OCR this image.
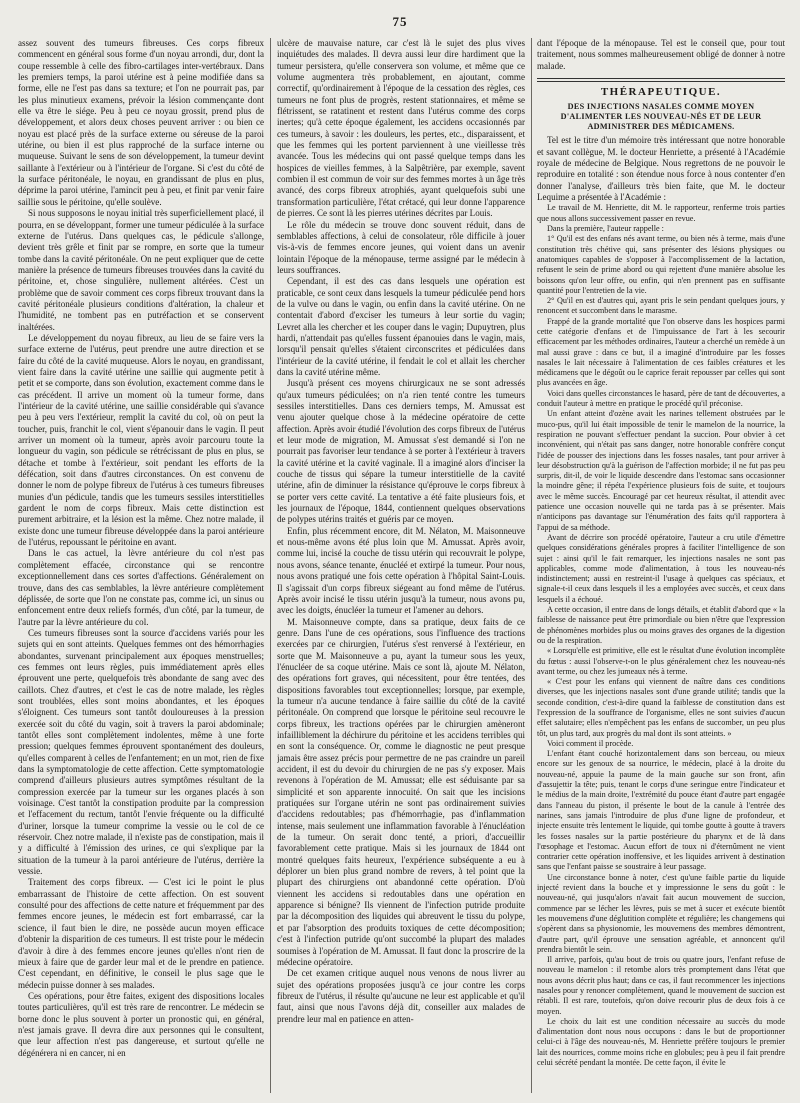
75

assez souvent des tumeurs fibreuses. Ces corps fibreux commencent en général sous forme d'un noyau arrondi, dur, dont la coupe ressemble à celle des fibro-cartilages inter-vertébraux. Dans les premiers temps, la paroi utérine est à peine modifiée dans sa forme, elle ne l'est pas dans sa texture; et l'on ne pourrait pas, par les plus minutieux examens, prévoir la lésion commençante dont elle va être le siége. Peu à peu ce noyau grossit, prend plus de développement, et alors deux choses peuvent arriver : ou bien ce noyau est placé près de la surface externe ou séreuse de la paroi utérine, ou bien il est plus rapproché de la surface interne ou muqueuse. Suivant le sens de son développement, la tumeur devint saillante à l'extérieur ou à l'intérieur de l'organe. Si c'est du côté de la surface péritonéale, le noyau, en grandissant de plus en plus, déprime la paroi utérine, l'amincit peu à peu, et finit par venir faire saillie sous le péritoine, qu'elle soulève.

Si nous supposons le noyau initial très superficiellement placé, il pourra, en se développant, former une tumeur pédiculée à la surface externe de l'utérus. Dans quelques cas, le pédicule s'allonge, devient très grêle et finit par se rompre, en sorte que la tumeur tombe dans la cavité péritonéale. On ne peut expliquer que de cette manière la présence de tumeurs fibreuses trouvées dans la cavité du péritoine, et, chose singulière, nullement altérées. C'est un problème que de savoir comment ces corps fibreux trouvant dans la cavité péritonéale plusieurs conditions d'altération, la chaleur et l'humidité, ne tombent pas en putréfaction et se conservent inaltérées.

Le développement du noyau fibreux, au lieu de se faire vers la surface externe de l'utérus, peut prendre une autre direction et se faire du côté de la cavité muqueuse. Alors le noyau, en grandissant, vient faire dans la cavité utérine une saillie qui augmente petit à petit et se comporte, dans son évolution, exactement comme dans le cas précédent. Il arrive un moment où la tumeur forme, dans l'intérieur de la cavité utérine, une saillie considérable qui s'avance peu à peu vers l'extérieur, remplit la cavité du col, où on peut la toucher, puis, franchit le col, vient s'épanouir dans le vagin. Il peut arriver un moment où la tumeur, après avoir parcouru toute la longueur du vagin, son pédicule se rétrécissant de plus en plus, se détache et tombe à l'extérieur, soit pendant les efforts de la défécation, soit dans d'autres circonstances. On est convenu de donner le nom de polype fibreux de l'utérus à ces tumeurs fibreuses munies d'un pédicule, tandis que les tumeurs sessiles interstitielles gardent le nom de corps fibreux. Mais cette distinction est purement arbitraire, et la lésion est la même. Chez notre malade, il existe donc une tumeur fibreuse développée dans la paroi antérieure de l'utérus, repoussant le péritoine en avant.

Dans le cas actuel, la lèvre antérieure du col n'est pas complètement effacée, circonstance qui se rencontre exceptionnellement dans ces sortes d'affections. Généralement on trouve, dans des cas semblables, la lèvre antérieure complètement déplissée, de sorte que l'on ne constate pas, comme ici, un sinus ou enfoncement entre deux reliefs formés, d'un côté, par la tumeur, de l'autre par la lèvre antérieure du col.

Ces tumeurs fibreuses sont la source d'accidens variés pour les sujets qui en sont atteints. Quelques femmes ont des hémorrhagies abondantes, survenant principalement aux époques menstruelles; ces femmes ont leurs règles, puis immédiatement après elles éprouvent une perte, quelquefois très abondante de sang avec des caillots. Chez d'autres, et c'est le cas de notre malade, les règles sont troublées, elles sont moins abondantes, et les époques s'éloignent. Ces tumeurs sont tantôt douloureuses à la pression exercée soit du côté du vagin, soit à travers la paroi abdominale; tantôt elles sont complètement indolentes, même à une forte pression; quelques femmes éprouvent spontanément des douleurs, qu'elles comparent à celles de l'enfantement; en un mot, rien de fixe dans la symptomatologie de cette affection. Cette symptomatologie comprend d'ailleurs plusieurs autres symptômes résultant de la compression exercée par la tumeur sur les organes placés à son voisinage. C'est tantôt la constipation produite par la compression et l'effacement du rectum, tantôt l'envie fréquente ou la difficulté d'uriner, lorsque la tumeur comprime la vessie ou le col de ce réservoir. Chez notre malade, il n'existe pas de constipation, mais il y a difficulté à l'émission des urines, ce qui s'explique par la situation de la tumeur à la paroi antérieure de l'utérus, derrière la vessie.

Traitement des corps fibreux. — C'est ici le point le plus embarrassant de l'histoire de cette affection. On est souvent consulté pour des affections de cette nature et fréquemment par des femmes encore jeunes, le médecin est fort embarrassé, car la science, il faut bien le dire, ne possède aucun moyen efficace d'obtenir la disparition de ces tumeurs. Il est triste pour le médecin d'avoir à dire à des femmes encore jeunes qu'elles n'ont rien de mieux à faire que de garder leur mal et de le prendre en patience. C'est cependant, en définitive, le conseil le plus sage que le médecin puisse donner à ses malades.

Ces opérations, pour être faites, exigent des dispositions locales toutes particulières, qu'il est très rare de rencontrer. Le médecin se borne donc le plus souvent à porter un pronostic qui, en général, n'est jamais grave. Il devra dire aux personnes qui le consultent, que leur affection n'est pas dangereuse, et surtout qu'elle ne dégénérera ni en cancer, ni en

ulcère de mauvaise nature, car c'est là le sujet des plus vives inquiétudes des malades. Il devra aussi leur dire hardiment que la tumeur persistera, qu'elle conservera son volume, et même que ce volume augmentera très probablement, en ajoutant, comme correctif, qu'ordinairement à l'époque de la cessation des règles, ces tumeurs ne font plus de progrès, restent stationnaires, et même se flétrissent, se ratatinent et restent dans l'utérus comme des corps inertes; qu'à cette époque également, les accidens occasionnés par ces tumeurs, à savoir : les douleurs, les pertes, etc., disparaissent, et que les femmes qui les portent parviennent à une vieillesse très avancée. Tous les médecins qui ont passé quelque temps dans les hospices de vieilles femmes, à la Salpêtrière, par exemple, savent combien il est commun de voir sur des femmes mortes à un âge très avancé, des corps fibreux atrophiés, ayant quelquefois subi une transformation particulière, l'état crétacé, qui leur donne l'apparence de pierres. Ce sont là les pierres utérines décrites par Louis.

Le rôle du médecin se trouve donc souvent réduit, dans de semblables affections, à celui de consolateur, rôle difficile à jouer vis-à-vis de femmes encore jeunes, qui voient dans un avenir lointain l'époque de la ménopause, terme assigné par le médecin à leurs souffrances.

Cependant, il est des cas dans lesquels une opération est praticable, ce sont ceux dans lesquels la tumeur pédiculée pend hors de la vulve ou dans le vagin, ou enfin dans la cavité utérine. On ne contentait d'abord d'exciser les tumeurs à leur sortie du vagin; Levret alla les chercher et les couper dans le vagin; Dupuytren, plus hardi, n'attendait pas qu'elles fussent épanouies dans le vagin, mais, lorsqu'il pensait qu'elles s'étaient circonscrites et pédiculées dans l'intérieur de la cavité utérine, il fendait le col et allait les chercher dans la cavité utérine même.

Jusqu'à présent ces moyens chirurgicaux ne se sont adressés qu'aux tumeurs pédiculées; on n'a rien tenté contre les tumeurs sessiles interstitielles. Dans ces derniers temps, M. Amussat est venu ajouter quelque chose à la médecine opératoire de cette affection. Après avoir étudié l'évolution des corps fibreux de l'utérus et leur mode de migration, M. Amussat s'est demandé si l'on ne pourrait pas favoriser leur tendance à se porter à l'extérieur à travers la cavité utérine et la cavité vaginale. Il a imaginé alors d'inciser la couche de tissus qui sépare la tumeur interstitielle de la cavité utérine, afin de diminuer la résistance qu'éprouve le corps fibreux à se porter vers cette cavité. La tentative a été faite plusieurs fois, et les journaux de l'époque, 1844, contiennent quelques observations de polypes utérins traités et guéris par ce moyen.

Enfin, plus récemment encore, dit M. Nélaton, M. Maisonneuve et nous-même avons été plus loin que M. Amussat. Après avoir, comme lui, incisé la couche de tissu utérin qui recouvrait le polype, nous avons, séance tenante, énucléé et extirpé la tumeur. Pour nous, nous avons pratiqué une fois cette opération à l'hôpital Saint-Louis. Il s'agissait d'un corps fibreux siégeant au fond même de l'utérus. Après avoir incisé le tissu utérin jusqu'à la tumeur, nous avons pu, avec les doigts, énucléer la tumeur et l'amener au dehors.

M. Maisonneuve compte, dans sa pratique, deux faits de ce genre. Dans l'une de ces opérations, sous l'influence des tractions exercées par ce chirurgien, l'utérus s'est renversé à l'extérieur, en sorte que M. Maisonneuve a pu, ayant la tumeur sous les yeux, l'énucléer de sa coque utérine. Mais ce sont là, ajoute M. Nélaton, des opérations fort graves, qui nécessitent, pour être tentées, des dispositions favorables tout exceptionnelles; lorsque, par exemple, la tumeur n'a aucune tendance à faire saillie du côté de la cavité péritonéale. On comprend que lorsque le péritoine seul recouvre le corps fibreux, les tractions opérées par le chirurgien amèneront infailliblement la déchirure du péritoine et les accidens terribles qui en sont la conséquence. Or, comme le diagnostic ne peut presque jamais être assez précis pour permettre de ne pas craindre un pareil accident, il est du devoir du chirurgien de ne pas s'y exposer. Mais revenons à l'opération de M. Amussat; elle est séduisante par sa simplicité et son apparente innocuité. On sait que les incisions pratiquées sur l'organe utérin ne sont pas ordinairement suivies d'accidens redoutables; pas d'hémorrhagie, pas d'inflammation intense, mais seulement une inflammation favorable à l'énucléation de la tumeur. On serait donc tenté, a priori, d'accueillir favorablement cette pratique. Mais si les journaux de 1844 ont montré quelques faits heureux, l'expérience subséquente a eu à déplorer un bien plus grand nombre de revers, à tel point que la plupart des chirurgiens ont abandonné cette opération. D'où viennent les accidens si redoutables dans une opération en apparence si bénigne? Ils viennent de l'infection putride produite par la décomposition des liquides qui abreuvent le tissu du polype, et par l'absorption des produits toxiques de cette décomposition; c'est à l'infection putride qu'ont succombé la plupart des malades soumises à l'opération de M. Amussat. Il faut donc la proscrire de la médecine opératoire.

De cet examen critique auquel nous venons de nous livrer au sujet des opérations proposées jusqu'à ce jour contre les corps fibreux de l'utérus, il résulte qu'aucune ne leur est applicable et qu'il faut, ainsi que nous l'avons déjà dit, conseiller aux malades de prendre leur mal en patience en atten-

dant l'époque de la ménopause. Tel est le conseil que, pour tout traitement, nous sommes malheureusement obligé de donner à notre malade.

THÉRAPEUTIQUE.
DES INJECTIONS NASALES COMME MOYEN D'ALIMENTER LES NOUVEAU-NÉS ET DE LEUR ADMINISTRER DES MÉDICAMENS.

Tel est le titre d'un mémoire très intéressant que notre honorable et savant collègue, M. le docteur Henriette, a présenté à l'Académie royale de médecine de Belgique. Nous regrettons de ne pouvoir le reproduire en totalité : son étendue nous force à nous contenter d'en donner l'analyse, d'ailleurs très bien faite, que M. le docteur Lequime a présentée à l'Académie :

Le travail de M. Henriette, dit M. le rapporteur, renferme trois parties que nous allons successivement passer en revue.

Dans la première, l'auteur rappelle :

1° Qu'il est des enfans nés avant terme, ou bien nés à terme, mais d'une constitution très chétive qui, sans présenter des lésions physiques ou anatomiques capables de s'opposer à l'accomplissement de la lactation, refusent le sein de prime abord ou qui rejettent d'une manière absolue les boissons qu'on leur offre, ou enfin, qui n'en prennent pas en suffisante quantité pour l'entretien de la vie.

2° Qu'il en est d'autres qui, ayant pris le sein pendant quelques jours, y renoncent et succombent dans le marasme.

Frappé de la grande mortalité que l'on observe dans les hospices parmi cette catégorie d'enfans et de l'impuissance de l'art à les secourir efficacement par les méthodes ordinaires, l'auteur a cherché un remède à un mal aussi grave : dans ce but, il a imaginé d'introduire par les fosses nasales le lait nécessaire à l'alimentation de ces faibles créatures et les médicamens que le dégoût ou le caprice ferait repousser par celles qui sont plus avancées en âge.

Voici dans quelles circonstances le hasard, père de tant de découvertes, a conduit l'auteur à mettre en pratique le procédé qu'il préconise.

Un enfant atteint d'ozène avait les narines tellement obstruées par le muco-pus, qu'il lui était impossible de tenir le mamelon de la nourrice, la respiration ne pouvant s'effectuer pendant la succion. Pour obvier à cet inconvénient, qui n'était pas sans danger, notre honorable confrère conçut l'idée de pousser des injections dans les fosses nasales, tant pour arriver à leur désobstruction qu'à la guérison de l'affection morbide; il ne fut pas peu surpris, dit-il, de voir le liquide descendre dans l'estomac sans occasionner la moindre gêne; il répéta l'expérience plusieurs fois de suite, et toujours avec le même succès. Encouragé par cet heureux résultat, il attendit avec patience une occasion nouvelle qui ne tarda pas à se présenter. Mais n'anticipons pas davantage sur l'énumération des faits qu'il rapportera à l'appui de sa méthode.

Avant de décrire son procédé opératoire, l'auteur a cru utile d'émettre quelques considérations générales propres à faciliter l'intelligence de son sujet : ainsi qu'il le fait remarquer, les injections nasales ne sont pas applicables, comme mode d'alimentation, à tous les nouveau-nés indistinctement; aussi en restreint-il l'usage à quelques cas spéciaux, et signale-t-il ceux dans lesquels il les a employées avec succès, et ceux dans lesquels il a échoué.

A cette occasion, il entre dans de longs détails, et établit d'abord que « la faiblesse de naissance peut être primordiale ou bien n'être que l'expression de phénomènes morbides plus ou moins graves des organes de la digestion ou de la respiration.

« Lorsqu'elle est primitive, elle est le résultat d'une évolution incomplète du fœtus : aussi l'observe-t-on le plus généralement chez les nouveau-nés avant terme, ou chez les jumeaux nés à terme.

« C'est pour les enfans qui viennent de naître dans ces conditions diverses, que les injections nasales sont d'une grande utilité; tandis que la seconde condition, c'est-à-dire quand la faiblesse de constitution dans est l'expression de la souffrance de l'organisme, elles ne sont suivies d'aucun effet salutaire; elles n'empêchent pas les enfans de succomber, un peu plus tôt, un plus tard, aux progrès du mal dont ils sont atteints. »

Voici comment il procède.

L'enfant étant couché horizontalement dans son berceau, ou mieux encore sur les genoux de sa nourrice, le médecin, placé à la droite du nouveau-né, appuie la paume de la main gauche sur son front, afin d'assujettir la tête; puis, tenant le corps d'une seringue entre l'indicateur et le médius de la main droite, l'extrémité du pouce étant d'autre part engagée dans l'anneau du piston, il présente le bout de la canule à l'entrée des narines, sans jamais l'introduire de plus d'une ligne de profondeur, et injecte ensuite très lentement le liquide, qui tombe goutte à goutte à travers les fosses nasales sur la partie postérieure du pharynx et de là dans l'œsophage et l'estomac. Aucun effort de toux ni d'éternûment ne vient contrarier cette opération inoffensive, et les liquides arrivent à destination sans que l'enfant paisse se soustraire à leur passage.

Une circonstance bonne à noter, c'est qu'une faible partie du liquide injecté revient dans la bouche et y impressionne le sens du goût : le nouveau-né, qui jusqu'alors n'avait fait aucun mouvement de succion, commence par se lécher les lèvres, puis se met à sucer et exécute bientôt les mouvemens d'une déglutition complète et régulière; les changemens qui s'opèrent dans sa physionomie, les mouvemens des membres démontrent, d'autre part, qu'il éprouve une sensation agréable, et annoncent qu'il prendra bientôt le sein.

Il arrive, parfois, qu'au bout de trois ou quatre jours, l'enfant refuse de nouveau le mamelon : il retombe alors très promptement dans l'état que nous avons décrit plus haut; dans ce cas, il faut recommencer les injections nasales pour y renoncer complètement, quand le mouvement de succion est rétabli. Il est rare, toutefois, qu'on doive recourir plus de deux fois à ce moyen.

Le choix du lait est une condition nécessaire au succès du mode d'alimentation dont nous nous occupons : dans le but de proportionner celui-ci à l'âge des nouveau-nés, M. Henriette préfère toujours le premier lait des nourrices, comme moins riche en globules; peu à peu il fait prendre celui sécrété pendant la montée. De cette façon, il évite le
